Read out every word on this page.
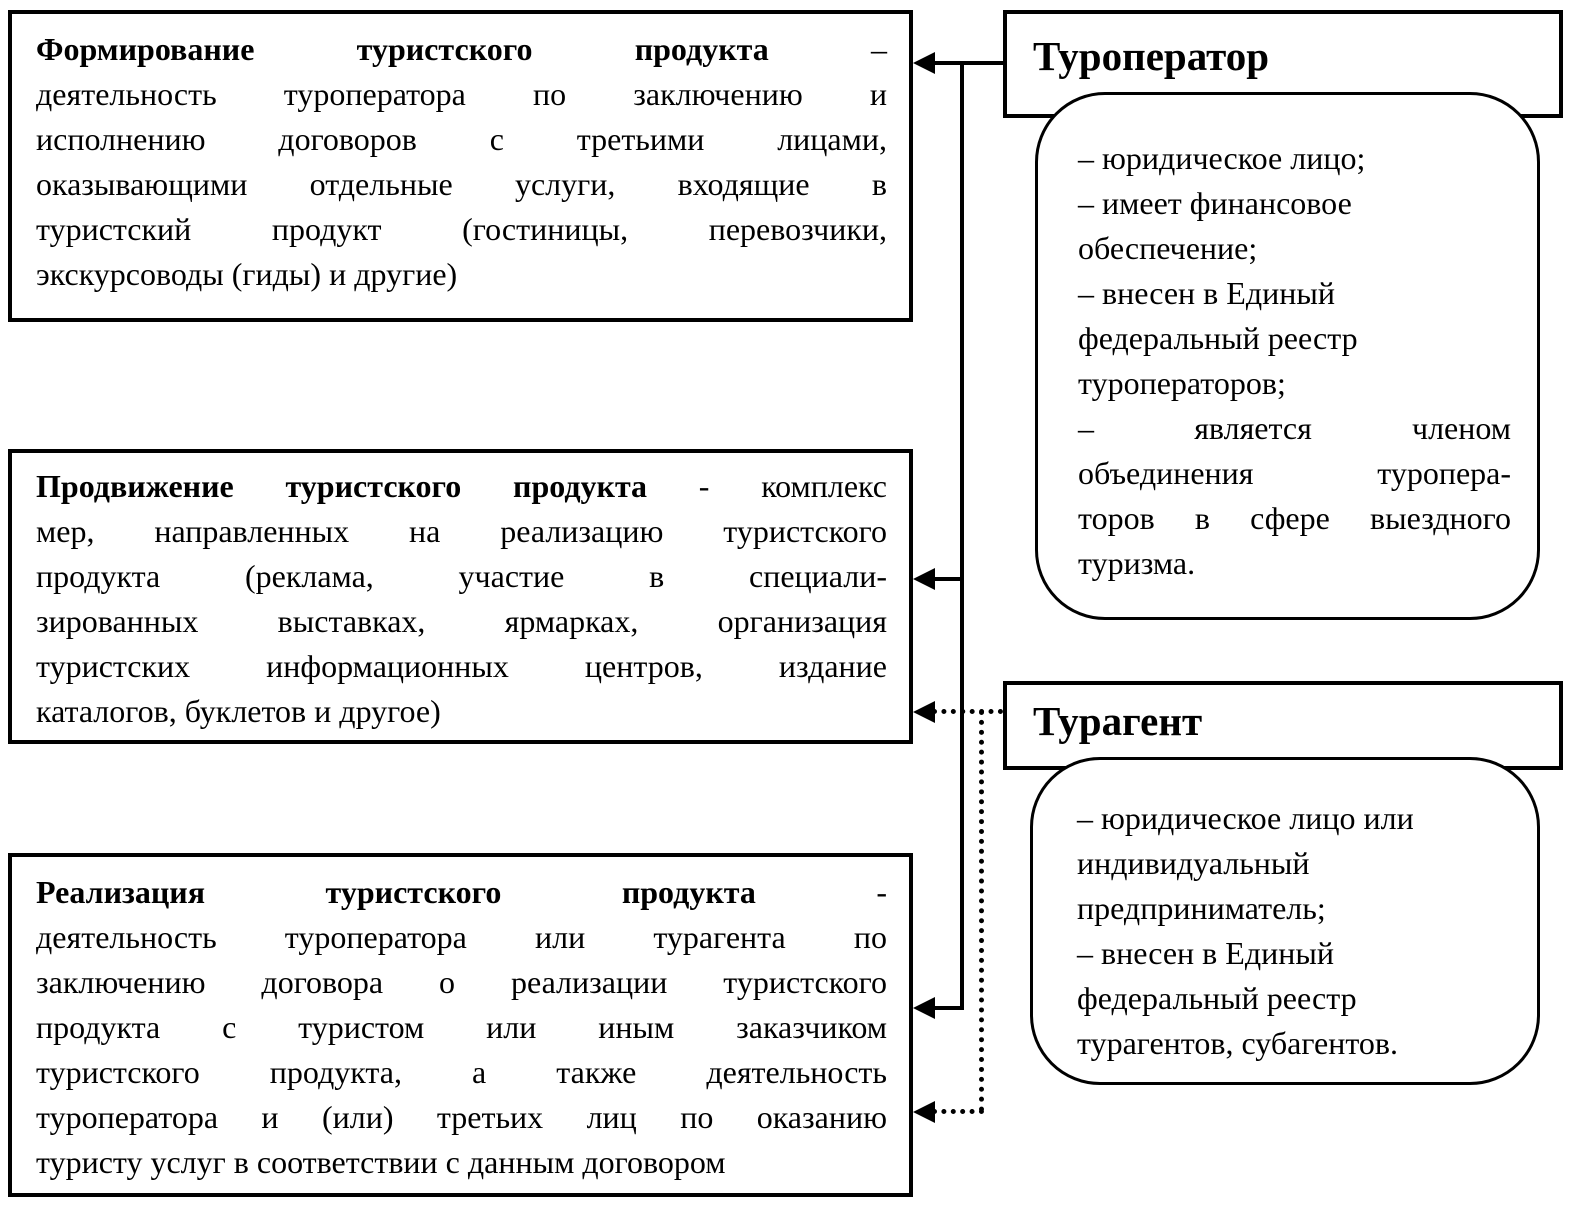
Формирование туристского продукта –
деятельность туроператора по заключению и
исполнению договоров с третьими лицами,
оказывающими отдельные услуги, входящие в
туристский продукт (гостиницы, перевозчики,
экскурсоводы (гиды) и другие)
Продвижение туристского продукта - комплекс
мер, направленных на реализацию туристского
продукта (реклама, участие в специали-
зированных выставках, ярмарках, организация
туристских информационных центров, издание
каталогов, буклетов и другое)
Реализация туристского продукта -
деятельность туроператора или турагента по
заключению договора о реализации туристского
продукта с туристом или иным заказчиком
туристского продукта, а также деятельность
туроператора и (или) третьих лиц по оказанию
туристу услуг в соответствии с данным договором
Туроператор
– юридическое лицо;
– имеет финансовое
обеспечение;
– внесен в Единый
федеральный реестр
туроператоров;
– является членом
объединения туропера-
торов в сфере выездного
туризма.
Турагент
– юридическое лицо или
индивидуальный
предприниматель;
– внесен в Единый
федеральный реестр
турагентов, субагентов.
